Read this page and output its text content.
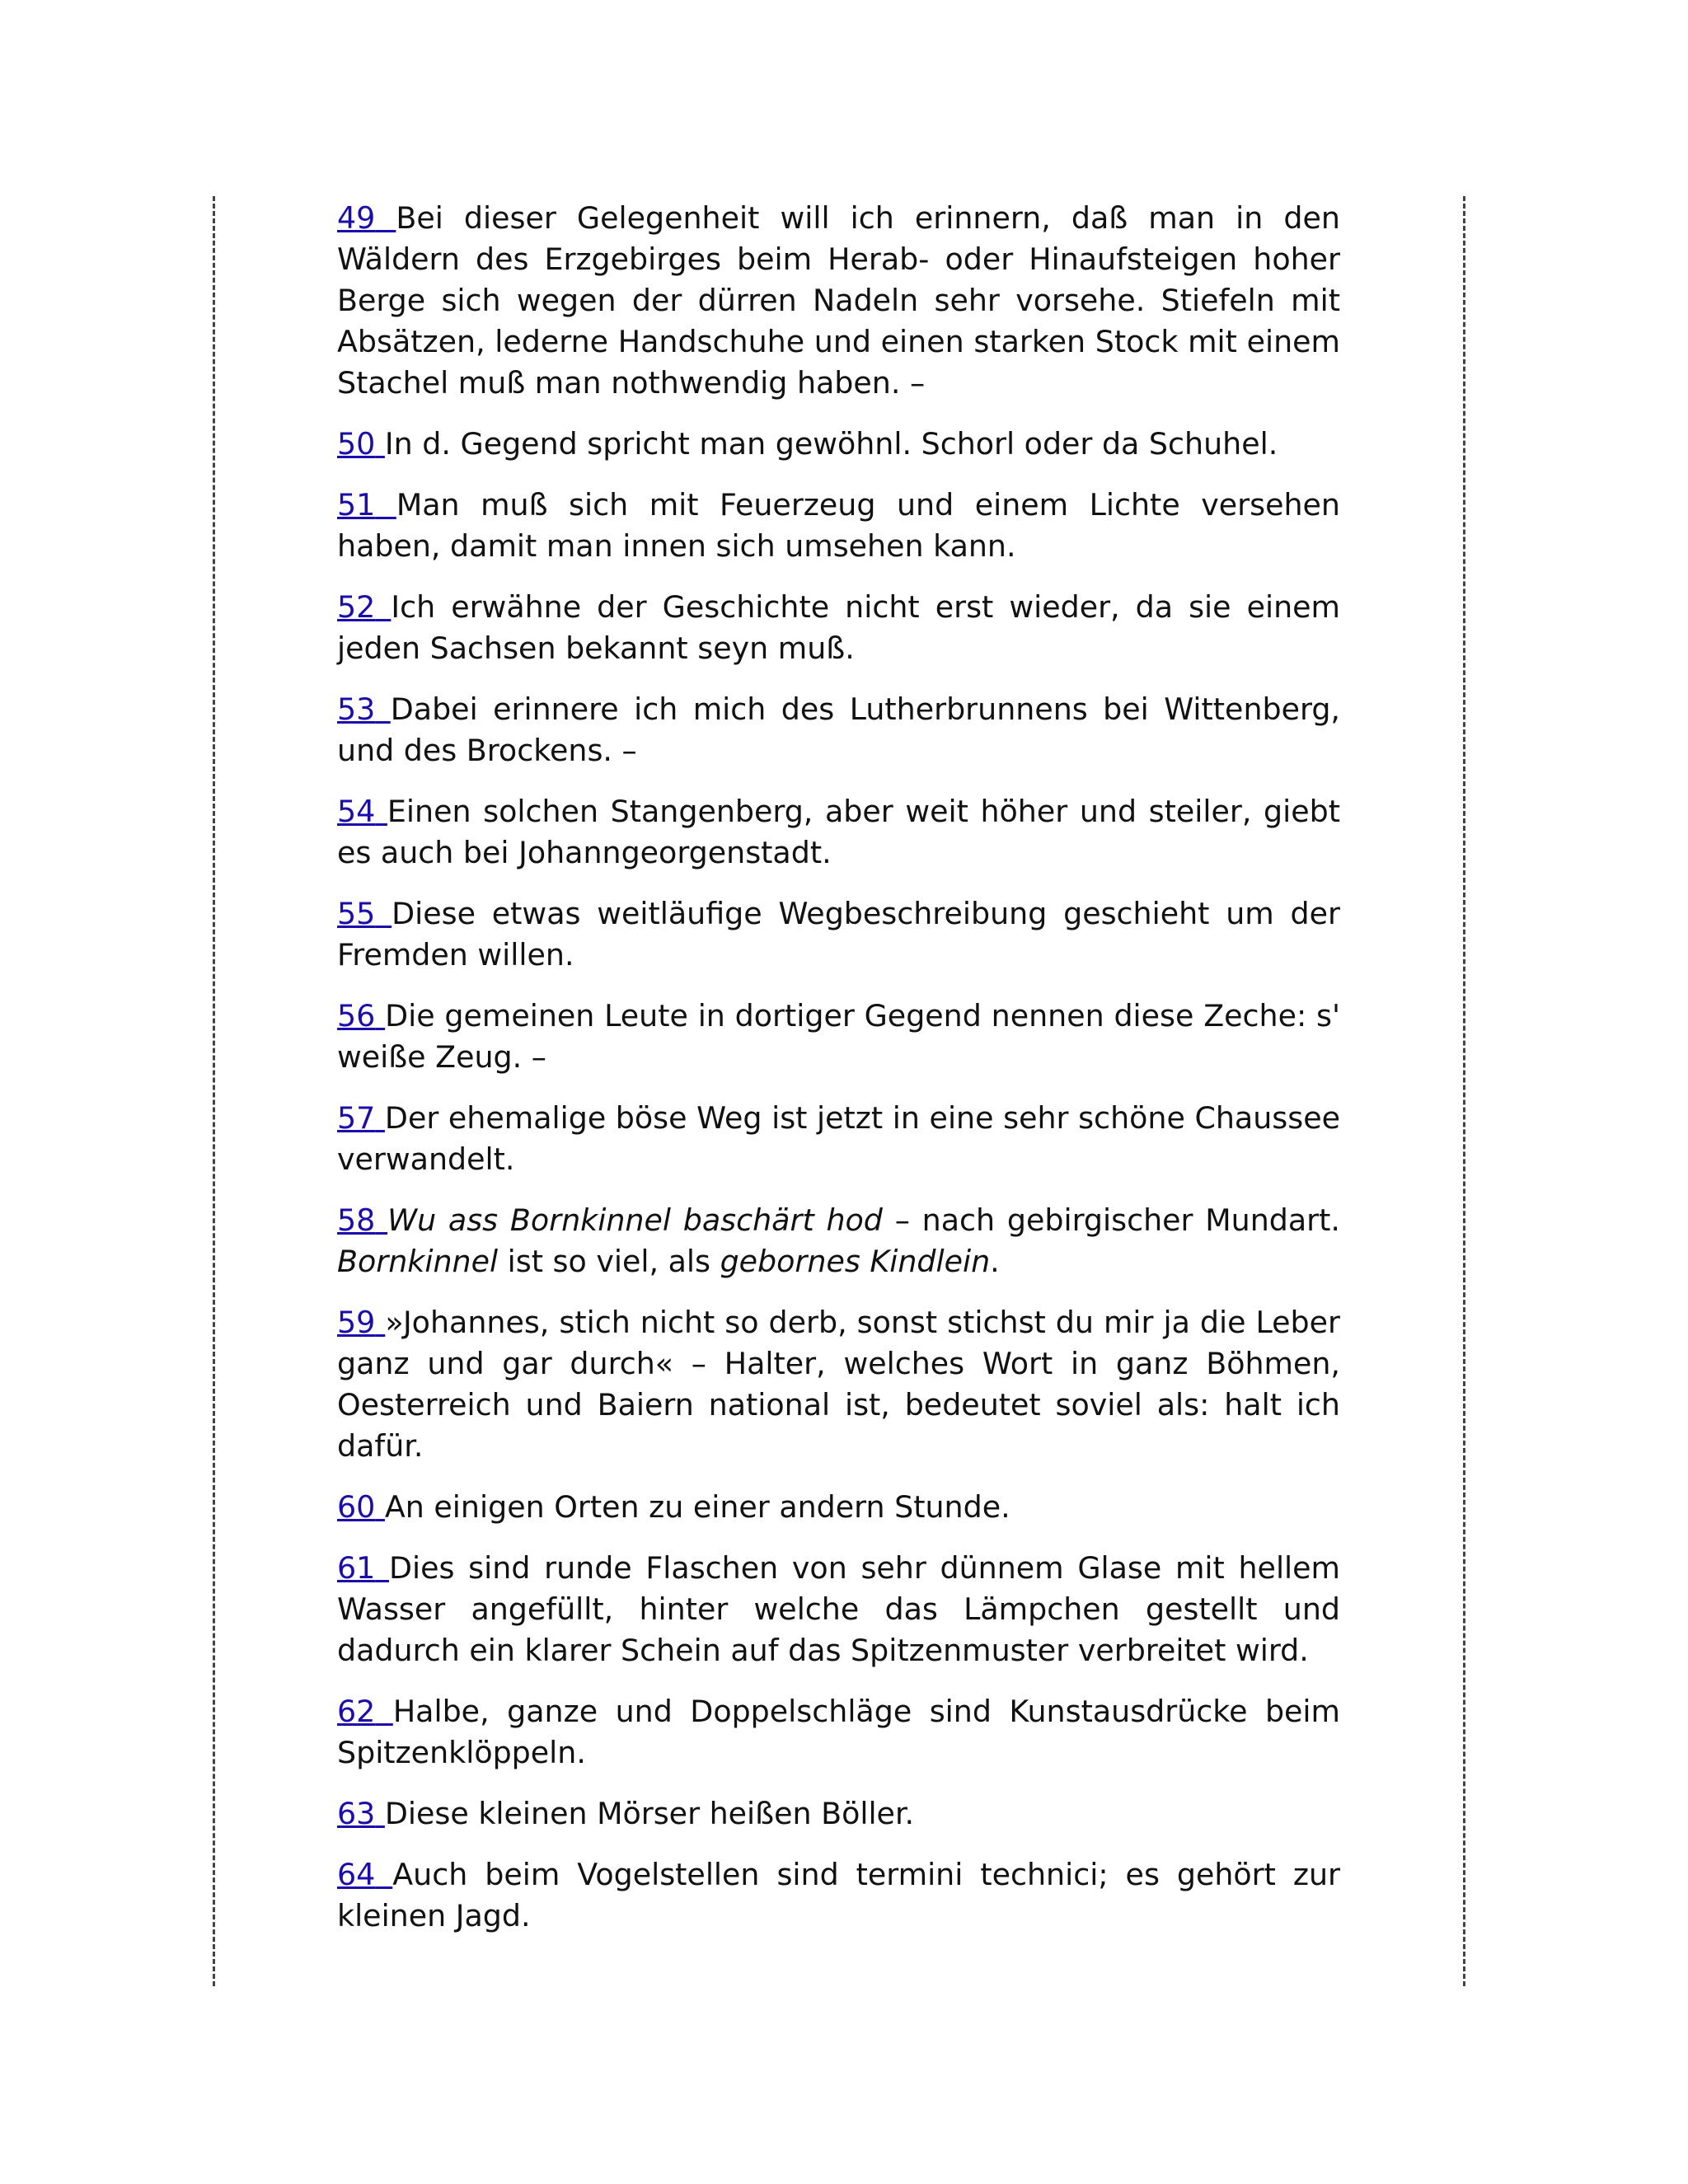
49 Bei dieser Gelegenheit will ich erinnern, daß man in den Wäldern des Erzgebirges beim Herab- oder Hinaufsteigen hoher Berge sich wegen der dürren Nadeln sehr vorsehe. Stiefeln mit Absätzen, lederne Handschuhe und einen starken Stock mit einem Stachel muß man nothwendig haben. –

50 In d. Gegend spricht man gewöhnl. Schorl oder da Schuhel.

51 Man muß sich mit Feuerzeug und einem Lichte versehen haben, damit man innen sich umsehen kann.

52 Ich erwähne der Geschichte nicht erst wieder, da sie einem jeden Sachsen bekannt seyn muß.

53 Dabei erinnere ich mich des Lutherbrunnens bei Wittenberg, und des Brockens. –

54 Einen solchen Stangenberg, aber weit höher und steiler, giebt es auch bei Johanngeorgenstadt.

55 Diese etwas weitläufige Wegbeschreibung geschieht um der Fremden willen.

56 Die gemeinen Leute in dortiger Gegend nennen diese Zeche: s' weiße Zeug. –

57 Der ehemalige böse Weg ist jetzt in eine sehr schöne Chaussee verwandelt.

58 Wu ass Bornkinnel baschärt hod – nach gebirgischer Mundart. Bornkinnel ist so viel, als gebornes Kindlein.

59 »Johannes, stich nicht so derb, sonst stichst du mir ja die Leber ganz und gar durch« – Halter, welches Wort in ganz Böhmen, Oesterreich und Baiern national ist, bedeutet soviel als: halt ich dafür.

60 An einigen Orten zu einer andern Stunde.

61 Dies sind runde Flaschen von sehr dünnem Glase mit hellem Wasser angefüllt, hinter welche das Lämpchen gestellt und dadurch ein klarer Schein auf das Spitzenmuster verbreitet wird.

62 Halbe, ganze und Doppelschläge sind Kunstausdrücke beim Spitzenklöppeln.

63 Diese kleinen Mörser heißen Böller.

64 Auch beim Vogelstellen sind termini technici; es gehört zur kleinen Jagd.
